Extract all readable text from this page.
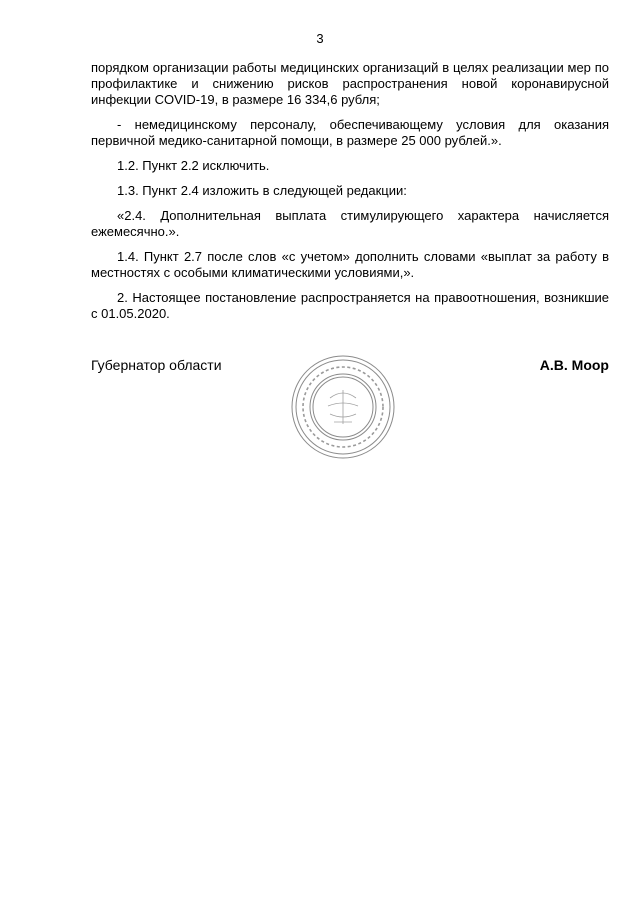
3

порядком организации работы медицинских организаций в целях реализации мер по профилактике и снижению рисков распространения новой коронавирусной инфекции COVID-19, в размере 16 334,6 рубля;

- немедицинскому персоналу, обеспечивающему условия для оказания первичной медико-санитарной помощи, в размере 25 000 рублей.».

1.2. Пункт 2.2 исключить.

1.3. Пункт 2.4 изложить в следующей редакции:

«2.4. Дополнительная выплата стимулирующего характера начисляется ежемесячно.».

1.4. Пункт 2.7 после слов «с учетом» дополнить словами «выплат за работу в местностях с особыми климатическими условиями,».

2. Настоящее постановление распространяется на правоотношения, возникшие с 01.05.2020.

Губернатор области	А.В. Моор
